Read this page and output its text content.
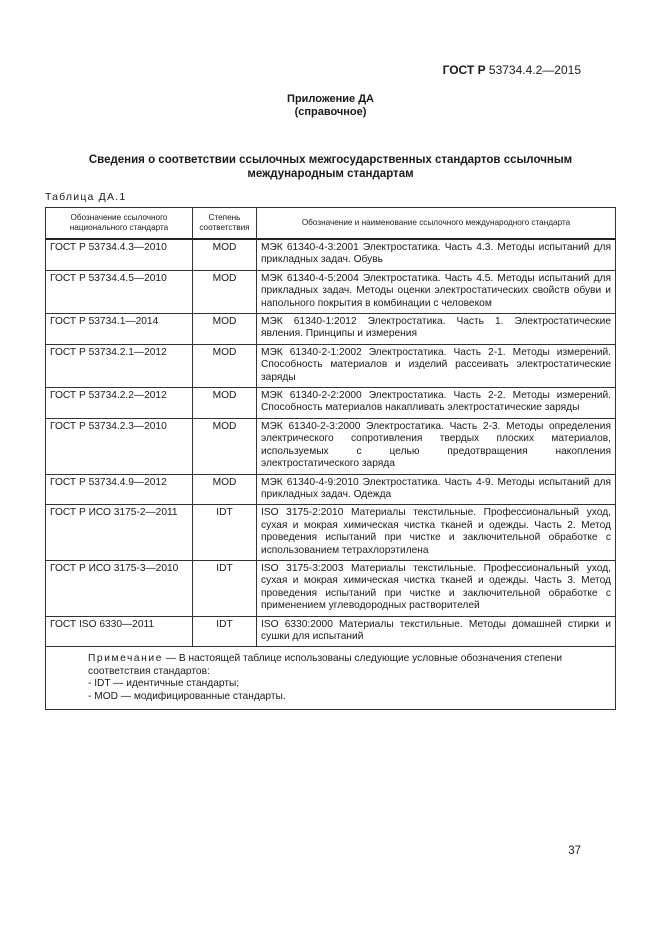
ГОСТ Р 53734.4.2—2015
Приложение ДА
(справочное)
Сведения о соответствии ссылочных межгосударственных стандартов ссылочным
международным стандартам
Таблица ДА.1
Обозначение ссылочного национального стандарта	Степень соответствия	Обозначение и наименование ссылочного международного стандарта
ГОСТ Р 53734.4.3—2010	MOD	МЭК 61340-4-3:2001 Электростатика. Часть 4.3. Методы испытаний для прикладных задач. Обувь
ГОСТ Р 53734.4.5—2010	MOD	МЭК 61340-4-5:2004 Электростатика. Часть 4.5. Методы испытаний для прикладных задач. Методы оценки электростатических свойств обуви и напольного покрытия в комбинации с человеком
ГОСТ Р 53734.1—2014	MOD	МЭК 61340-1:2012 Электростатика. Часть 1. Электростатические явления. Принципы и измерения
ГОСТ Р 53734.2.1—2012	MOD	МЭК 61340-2-1:2002 Электростатика. Часть 2-1. Методы измерений. Способность материалов и изделий рассеивать электростатические заряды
ГОСТ Р 53734.2.2—2012	MOD	МЭК 61340-2-2:2000 Электростатика. Часть 2-2. Методы измерений. Способность материалов накапливать электростатические заряды
ГОСТ Р 53734.2.3—2010	MOD	МЭК 61340-2-3:2000 Электростатика. Часть 2-3. Методы определения электрического сопротивления твердых плоских материалов, используемых с целью предотвращения накопления электростатического заряда
ГОСТ Р 53734.4.9—2012	MOD	МЭК 61340-4-9:2010 Электростатика. Часть 4-9. Методы испытаний для прикладных задач. Одежда
ГОСТ Р ИСО 3175-2—2011	IDT	ISO 3175-2:2010 Материалы текстильные. Профессиональный уход, сухая и мокрая химическая чистка тканей и одежды. Часть 2. Метод проведения испытаний при чистке и заключительной обработке с использованием тетрахлорэтилена
ГОСТ Р ИСО 3175-3—2010	IDT	ISO 3175-3:2003 Материалы текстильные. Профессиональный уход, сухая и мокрая химическая чистка тканей и одежды. Часть 3. Метод проведения испытаний при чистке и заключительной обработке с применением углеводородных растворителей
ГОСТ ISO 6330—2011	IDT	ISO 6330:2000 Материалы текстильные. Методы домашней стирки и сушки для испытаний

Примечание — В настоящей таблице использованы следующие условные обозначения степени соответствия стандартов:
- IDT — идентичные стандарты;
- MOD — модифицированные стандарты.		
37
